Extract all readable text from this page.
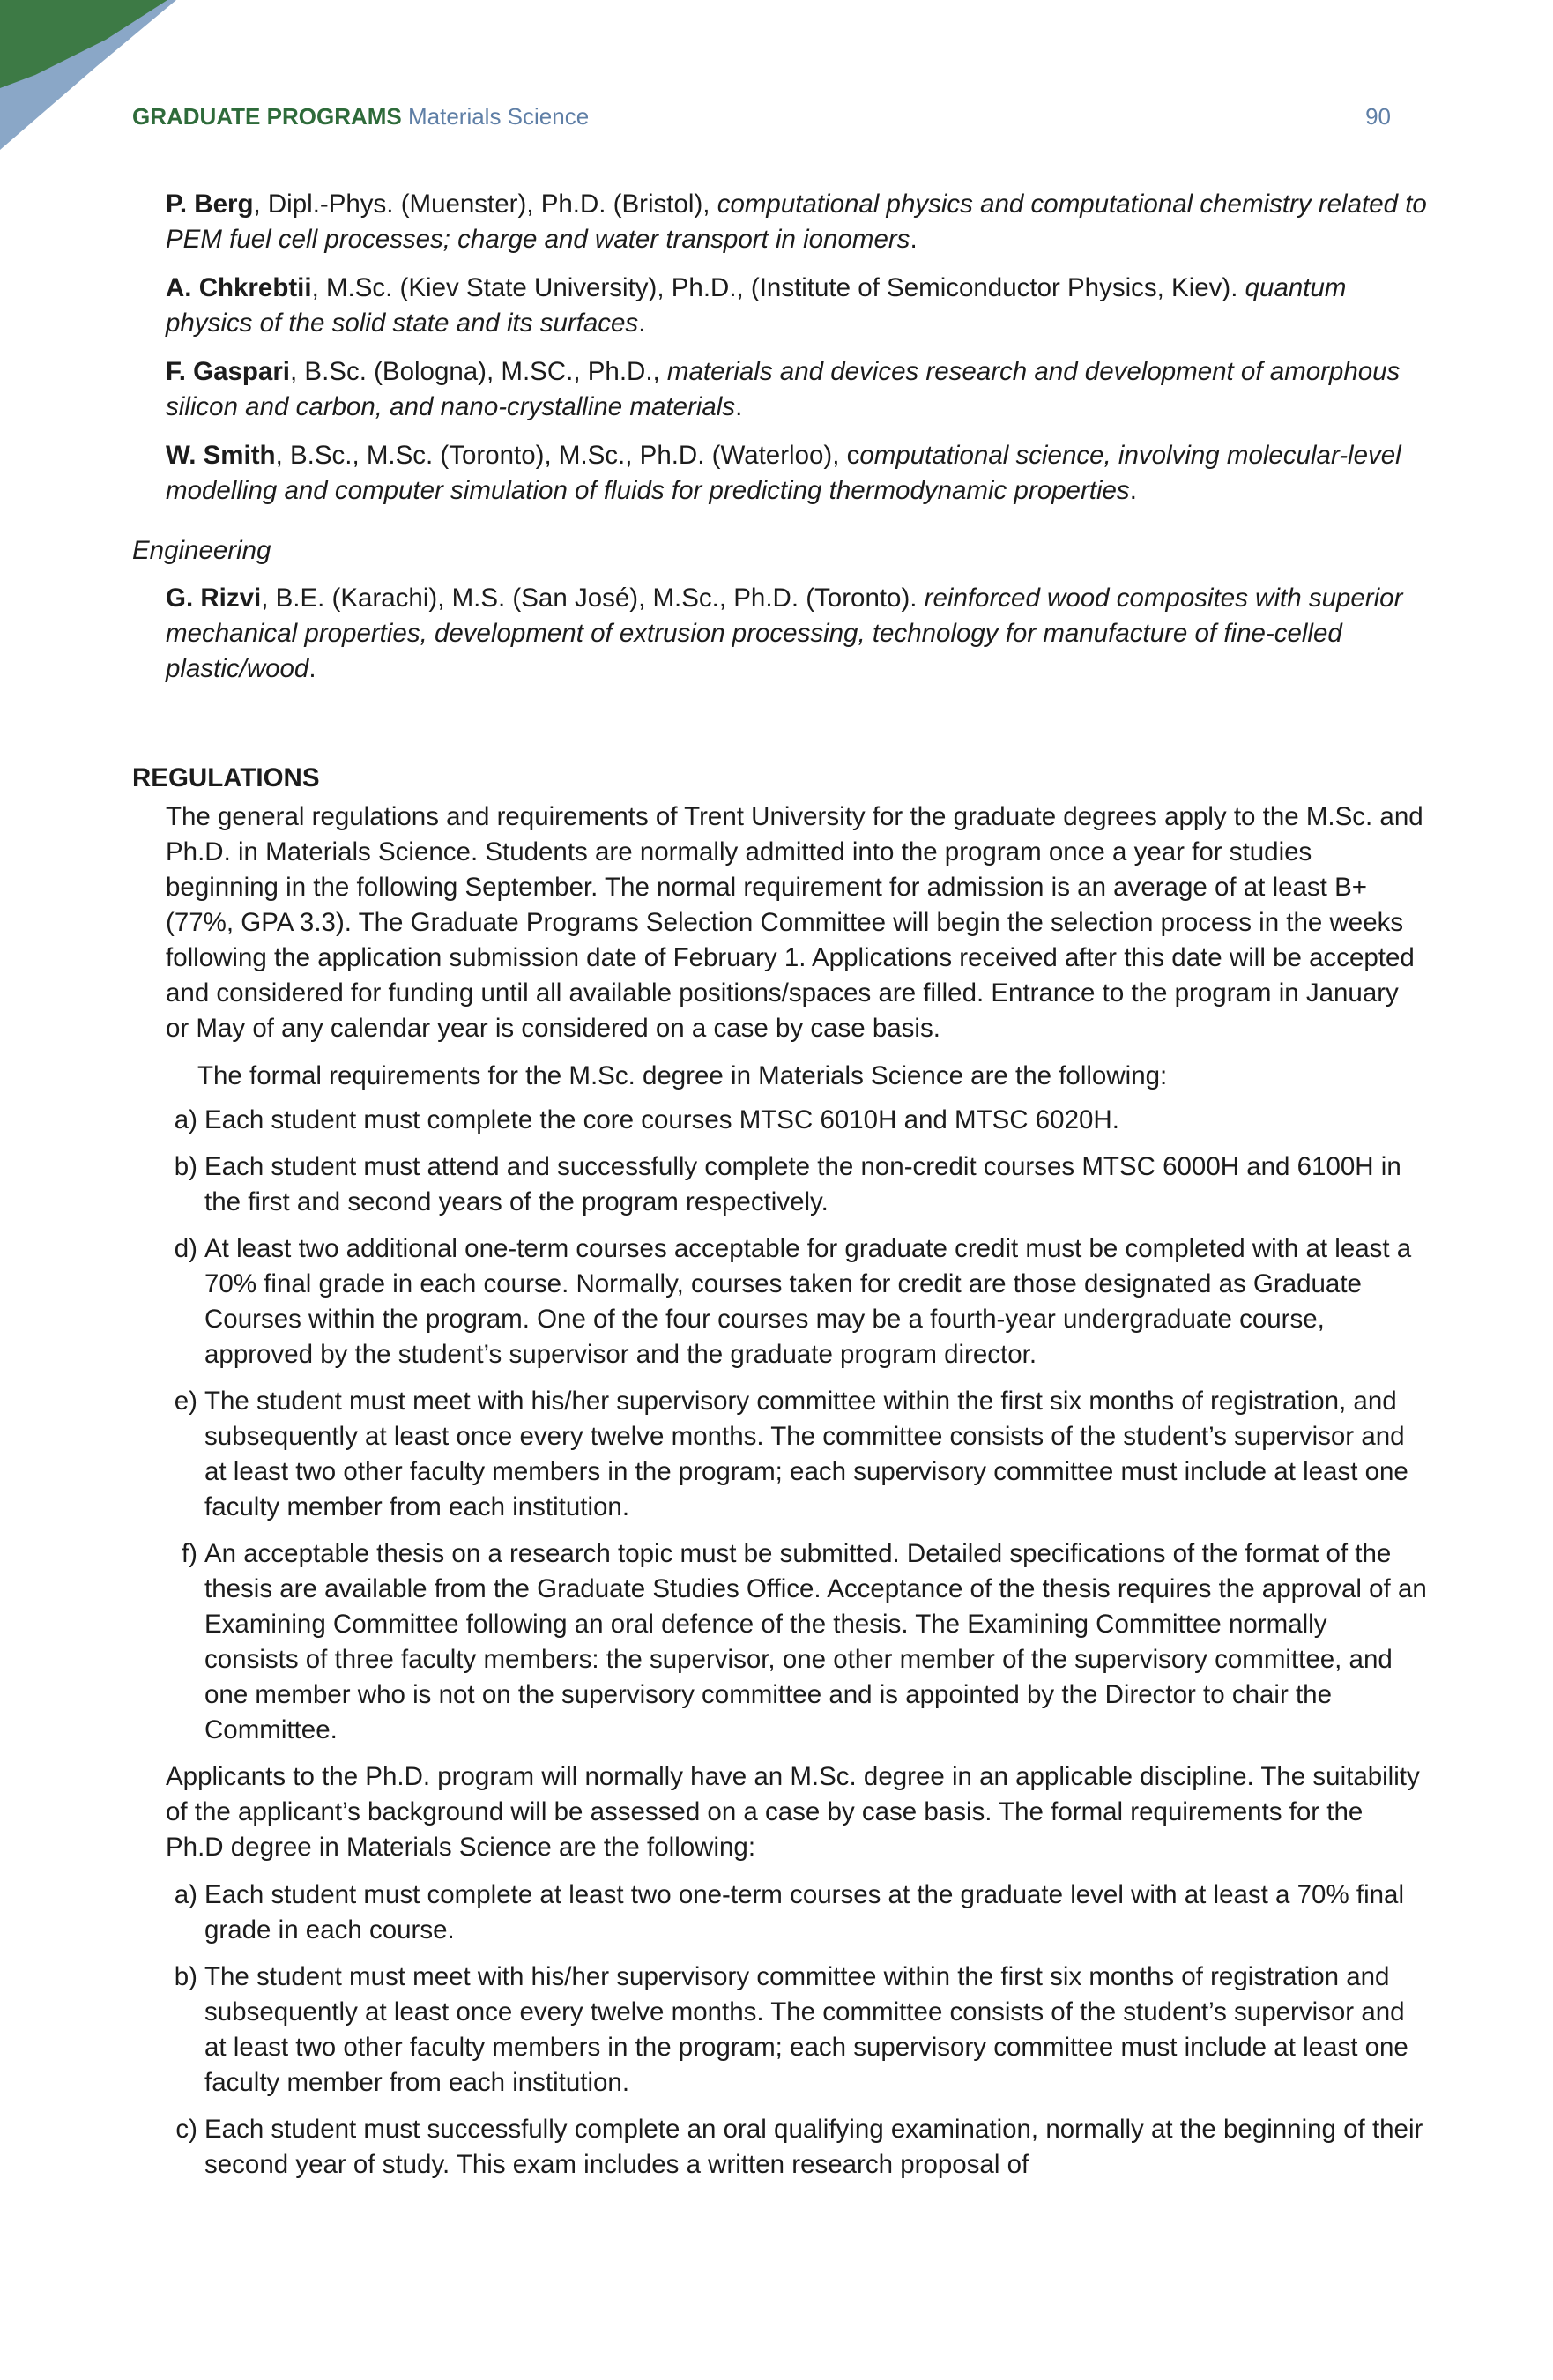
GRADUATE PROGRAMS Materials Science	90
P. Berg, Dipl.-Phys. (Muenster), Ph.D. (Bristol), computational physics and computational chemistry related to PEM fuel cell processes; charge and water transport in ionomers.
A. Chkrebtii, M.Sc. (Kiev State University), Ph.D., (Institute of Semiconductor Physics, Kiev). quantum physics of the solid state and its surfaces.
F. Gaspari, B.Sc. (Bologna), M.SC., Ph.D., materials and devices research and development of amorphous silicon and carbon, and nano-crystalline materials.
W. Smith, B.Sc., M.Sc. (Toronto), M.Sc., Ph.D. (Waterloo), computational science, involving molecular-level modelling and computer simulation of fluids for predicting thermodynamic properties.
Engineering
G. Rizvi, B.E. (Karachi), M.S. (San José), M.Sc., Ph.D. (Toronto). reinforced wood composites with superior mechanical properties, development of extrusion processing, technology for manufacture of fine-celled plastic/wood.
REGULATIONS
The general regulations and requirements of Trent University for the graduate degrees apply to the M.Sc. and Ph.D. in Materials Science. Students are normally admitted into the program once a year for studies beginning in the following September. The normal requirement for admission is an average of at least B+ (77%, GPA 3.3). The Graduate Programs Selection Committee will begin the selection process in the weeks following the application submission date of February 1. Applications received after this date will be accepted and considered for funding until all available positions/spaces are filled. Entrance to the program in January or May of any calendar year is considered on a case by case basis.
The formal requirements for the M.Sc. degree in Materials Science are the following:
a) Each student must complete the core courses MTSC 6010H and MTSC 6020H.
b) Each student must attend and successfully complete the non-credit courses MTSC 6000H and 6100H in the first and second years of the program respectively.
d) At least two additional one-term courses acceptable for graduate credit must be completed with at least a 70% final grade in each course. Normally, courses taken for credit are those designated as Graduate Courses within the program. One of the four courses may be a fourth-year undergraduate course, approved by the student’s supervisor and the graduate program director.
e) The student must meet with his/her supervisory committee within the first six months of registration, and subsequently at least once every twelve months. The committee consists of the student’s supervisor and at least two other faculty members in the program; each supervisory committee must include at least one faculty member from each institution.
f) An acceptable thesis on a research topic must be submitted. Detailed specifications of the format of the thesis are available from the Graduate Studies Office. Acceptance of the thesis requires the approval of an Examining Committee following an oral defence of the thesis. The Examining Committee normally consists of three faculty members: the supervisor, one other member of the supervisory committee, and one member who is not on the supervisory committee and is appointed by the Director to chair the Committee.
Applicants to the Ph.D. program will normally have an M.Sc. degree in an applicable discipline. The suitability of the applicant’s background will be assessed on a case by case basis. The formal requirements for the Ph.D degree in Materials Science are the following:
a) Each student must complete at least two one-term courses at the graduate level with at least a 70% final grade in each course.
b) The student must meet with his/her supervisory committee within the first six months of registration and subsequently at least once every twelve months. The committee consists of the student’s supervisor and at least two other faculty members in the program; each supervisory committee must include at least one faculty member from each institution.
c) Each student must successfully complete an oral qualifying examination, normally at the beginning of their second year of study. This exam includes a written research proposal of
